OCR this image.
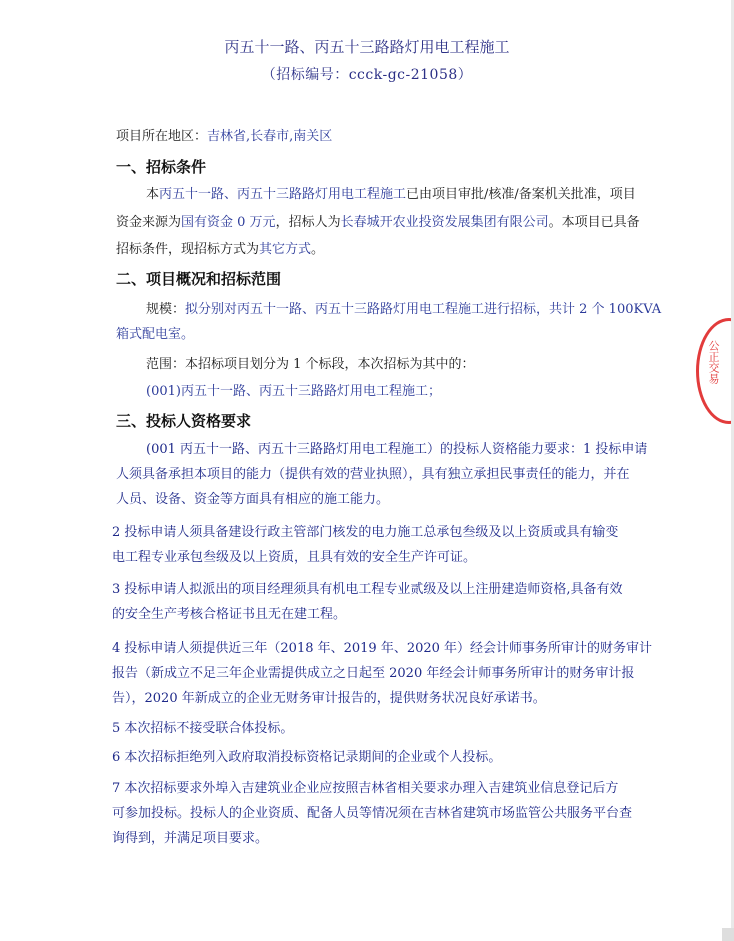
丙五十一路、丙五十三路路灯用电工程施工
（招标编号：ccck-gc-21058）
项目所在地区：吉林省,长春市,南关区
一、招标条件
本丙五十一路、丙五十三路路灯用电工程施工已由项目审批/核准/备案机关批准，项目
资金来源为国有资金 0 万元，招标人为长春城开农业投资发展集团有限公司。本项目已具备
招标条件，现招标方式为其它方式。
二、项目概况和招标范围
规模：拟分别对丙五十一路、丙五十三路路灯用电工程施工进行招标，共计 2 个 100KVA
箱式配电室。
范围：本招标项目划分为 1 个标段，本次招标为其中的：
(001)丙五十一路、丙五十三路路灯用电工程施工；
三、投标人资格要求
(001 丙五十一路、丙五十三路路灯用电工程施工）的投标人资格能力要求：1 投标申请
人须具备承担本项目的能力（提供有效的营业执照），具有独立承担民事责任的能力，并在
人员、设备、资金等方面具有相应的施工能力。
2 投标申请人须具备建设行政主管部门核发的电力施工总承包叁级及以上资质或具有输变
电工程专业承包叁级及以上资质，且具有效的安全生产许可证。
3 投标申请人拟派出的项目经理须具有机电工程专业贰级及以上注册建造师资格,具备有效
的安全生产考核合格证书且无在建工程。
4 投标申请人须提供近三年（2018 年、2019 年、2020 年）经会计师事务所审计的财务审计
报告（新成立不足三年企业需提供成立之日起至 2020 年经会计师事务所审计的财务审计报
告），2020 年新成立的企业无财务审计报告的，提供财务状况良好承诺书。
5 本次招标不接受联合体投标。
6 本次招标拒绝列入政府取消投标资格记录期间的企业或个人投标。
7 本次招标要求外埠入吉建筑业企业应按照吉林省相关要求办理入吉建筑业信息登记后方
可参加投标。投标人的企业资质、配备人员等情况须在吉林省建筑市场监管公共服务平台查
询得到，并满足项目要求。
公正交易
